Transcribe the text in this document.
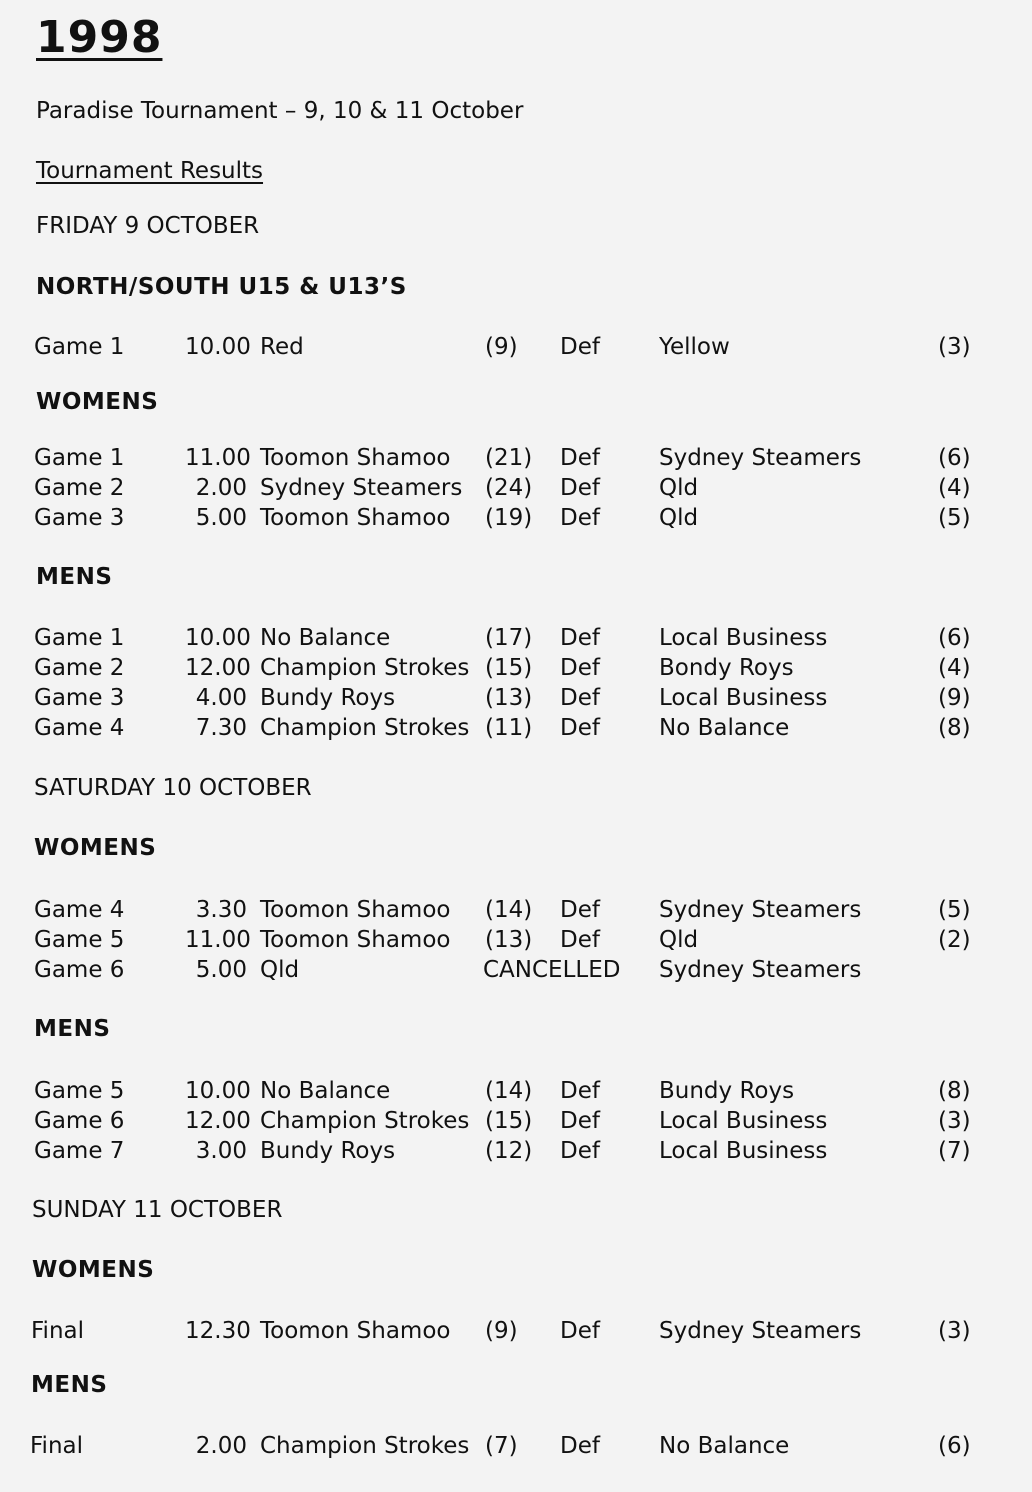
1998
Paradise Tournament – 9, 10 & 11 October
Tournament Results
FRIDAY 9 OCTOBER
NORTH/SOUTH U15 & U13’S
Game 1	10.00 Red	(9) Def	Yellow	(3)
WOMENS
Game 1	11.00 Toomon Shamoo (21) Def	Sydney Steamers	(6)
Game 2	2.00 Sydney Steamers (24) Def	Qld	(4)
Game 3	5.00 Toomon Shamoo (19) Def	Qld	(5)
MENS
Game 1	10.00 No Balance	(17) Def	Local Business	(6)
Game 2	12.00 Champion Strokes (15) Def	Bondy Roys	(4)
Game 3	4.00 Bundy Roys	(13) Def	Local Business	(9)
Game 4	7.30 Champion Strokes (11) Def	No Balance	(8)
SATURDAY 10 OCTOBER
WOMENS
Game 4	3.30 Toomon Shamoo (14) Def	Sydney Steamers	(5)
Game 5	11.00 Toomon Shamoo (13) Def	Qld	(2)
Game 6	5.00 Qld	CANCELLED Sydney Steamers
MENS
Game 5	10.00 No Balance	(14) Def	Bundy Roys	(8)
Game 6	12.00 Champion Strokes (15) Def	Local Business	(3)
Game 7	3.00 Bundy Roys	(12) Def	Local Business	(7)
SUNDAY 11 OCTOBER
WOMENS
Final	12.30 Toomon Shamoo (9) Def	Sydney Steamers	(3)
MENS
Final	2.00 Champion Strokes (7) Def	No Balance	(6)
